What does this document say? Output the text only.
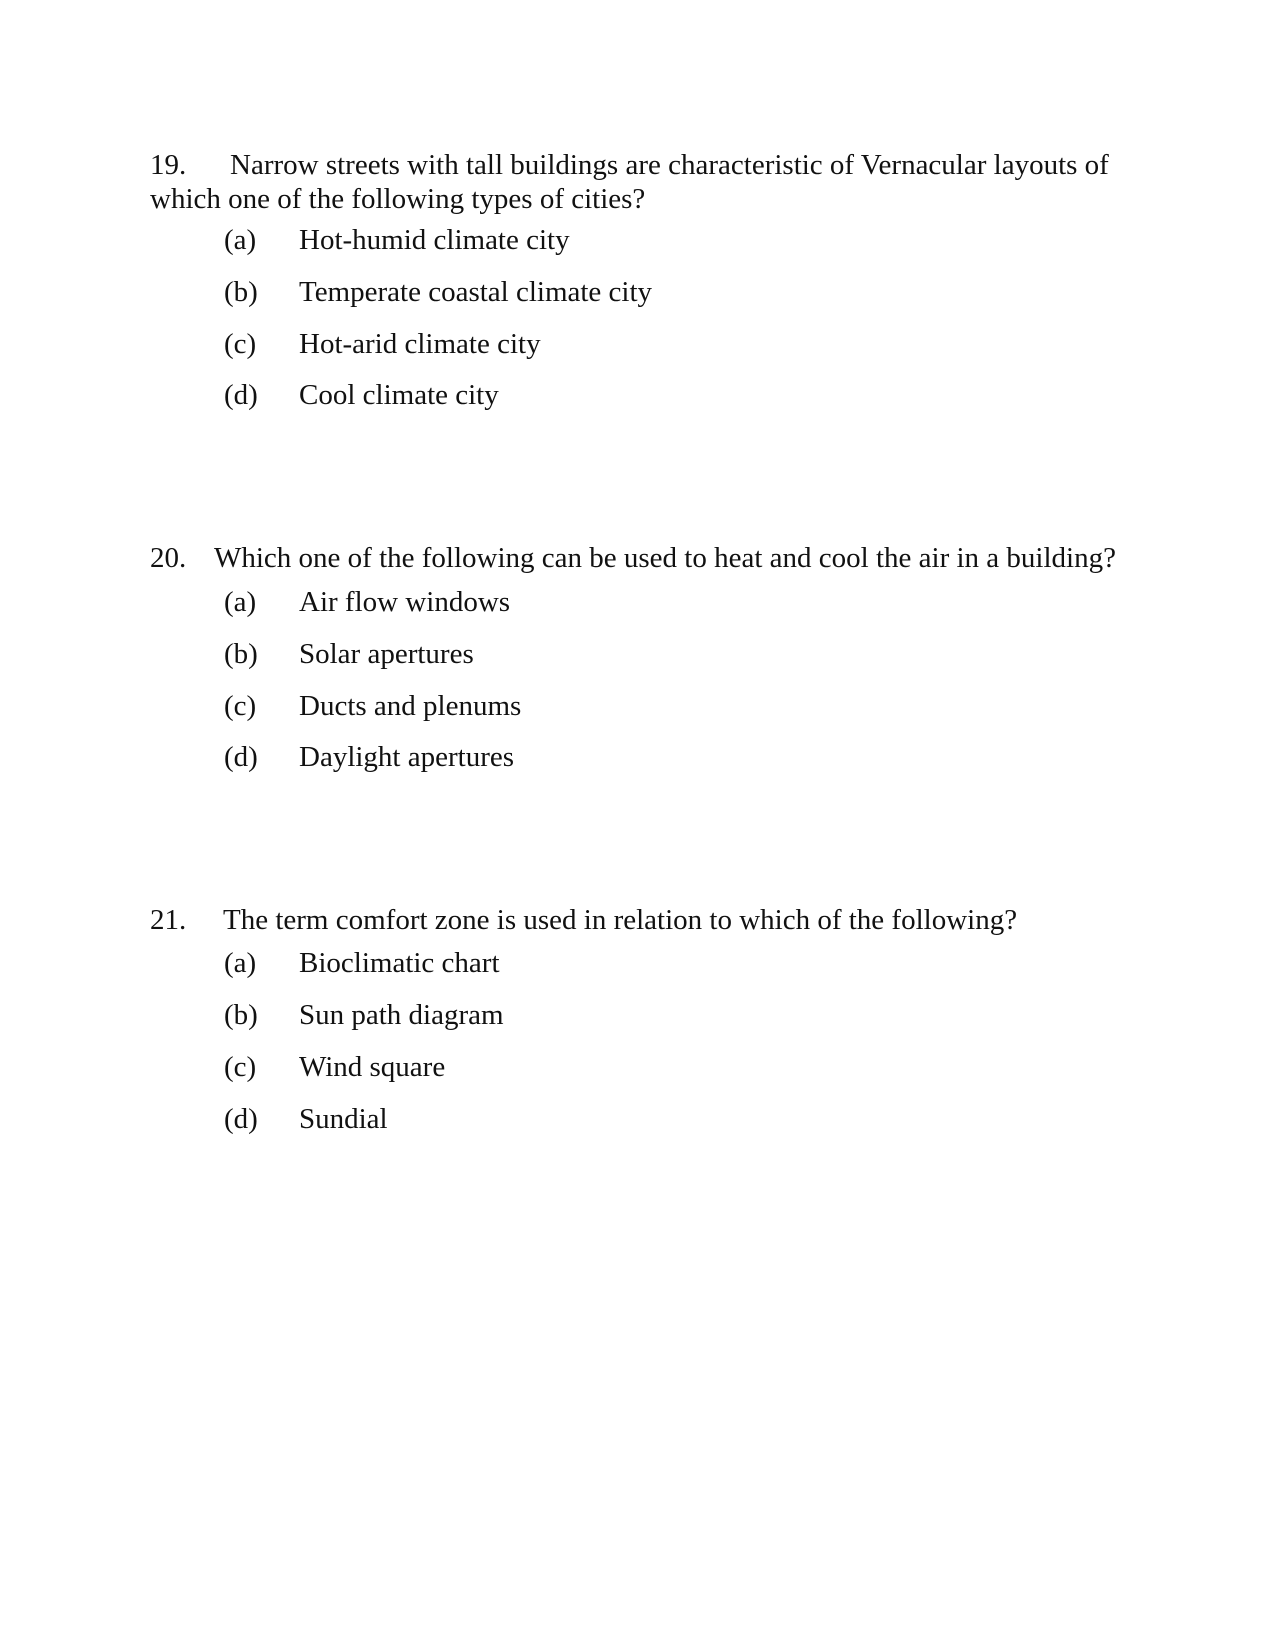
19. Narrow streets with tall buildings are characteristic of Vernacular layouts of which one of the following types of cities?

(a) Hot-humid climate city
(b) Temperate coastal climate city
(c) Hot-arid climate city
(d) Cool climate city

20. Which one of the following can be used to heat and cool the air in a building?

(a) Air flow windows
(b) Solar apertures
(c) Ducts and plenums
(d) Daylight apertures

21. The term comfort zone is used in relation to which of the following?

(a) Bioclimatic chart
(b) Sun path diagram
(c) Wind square
(d) Sundial
